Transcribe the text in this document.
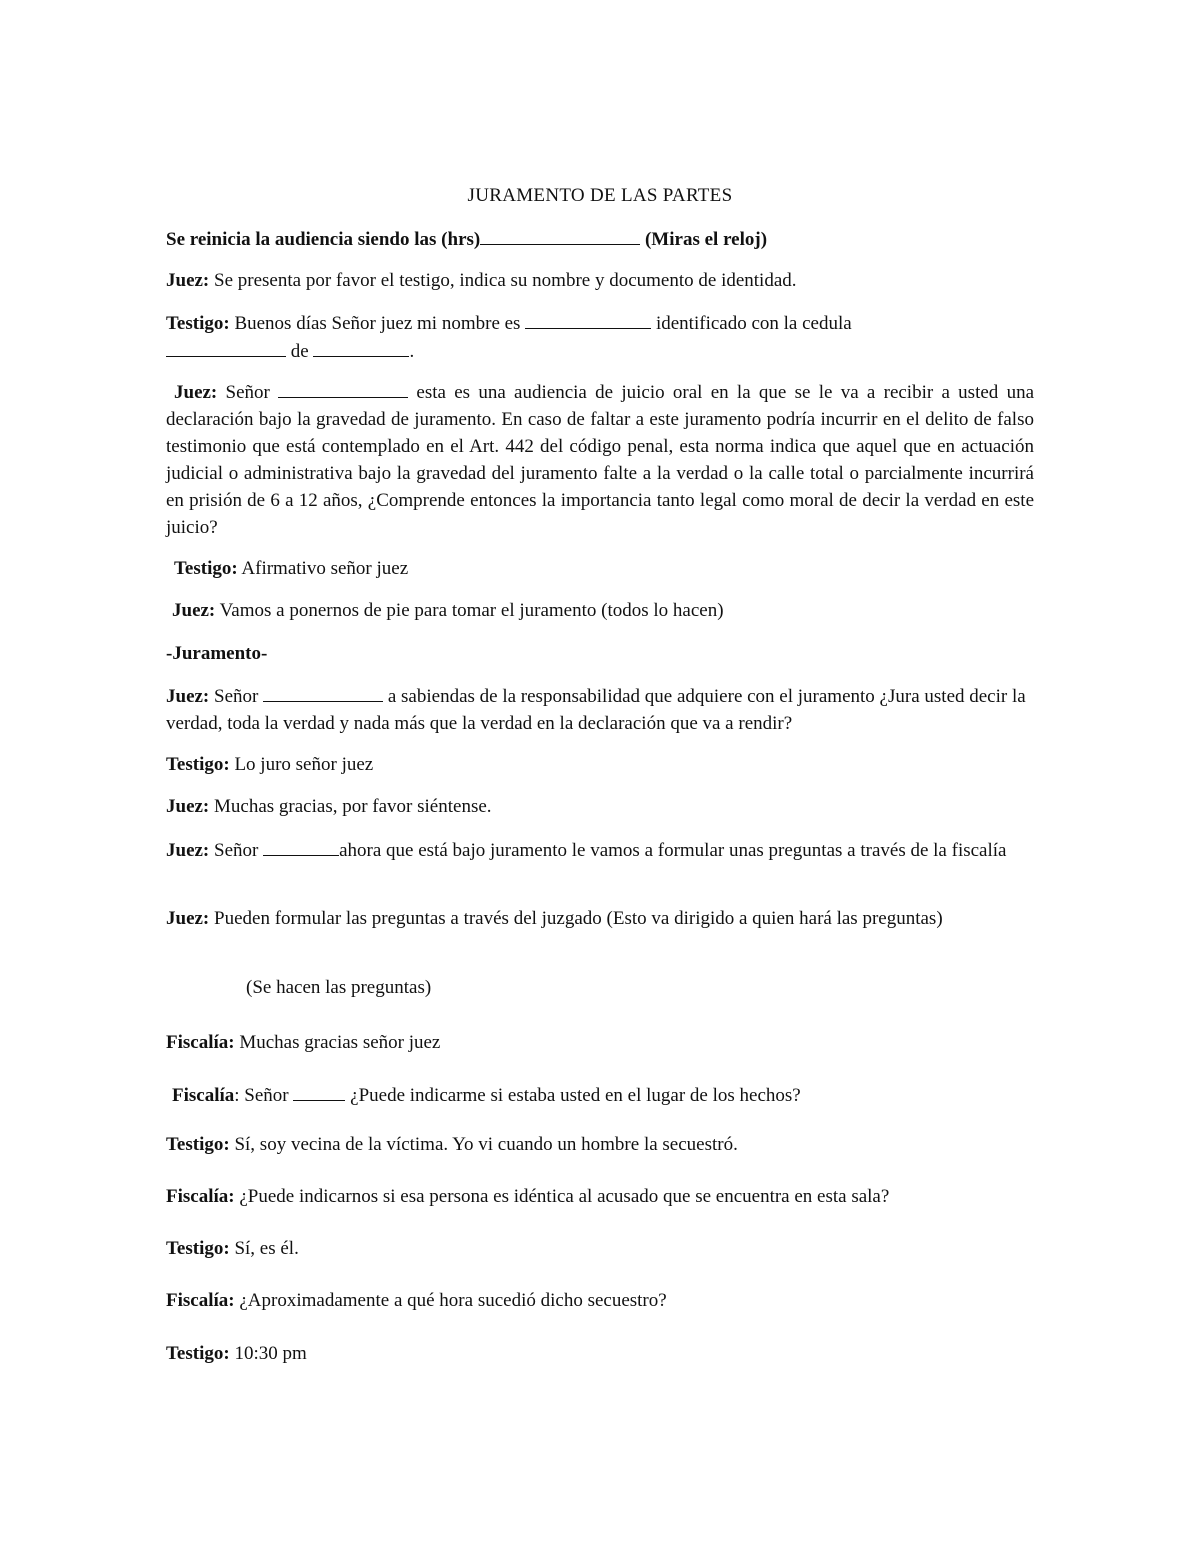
JURAMENTO DE LAS PARTES

Se reinicia la audiencia siendo las (hrs)	(Miras el reloj)

Juez: Se presenta por favor el testigo, indica su nombre y documento de identidad.

Testigo: Buenos días Señor juez mi nombre es	identificado con la cedula
de	.

Juez: Señor	esta es una audiencia de juicio oral en la que se le va a recibir a usted una declaración bajo la gravedad de juramento. En caso de faltar a este juramento podría incurrir en el delito de falso testimonio que está contemplado en el Art. 442 del código penal, esta norma indica que aquel que en actuación judicial o administrativa bajo la gravedad del juramento falte a la verdad o la calle total o parcialmente incurrirá en prisión de 6 a 12 años, ¿Comprende entonces la importancia tanto legal como moral de decir la verdad en este juicio?

Testigo: Afirmativo señor juez

Juez: Vamos a ponernos de pie para tomar el juramento (todos lo hacen)

-Juramento-

Juez: Señor	a sabiendas de la responsabilidad que adquiere con el juramento ¿Jura usted decir la verdad, toda la verdad y nada más que la verdad en la declaración que va a rendir?

Testigo: Lo juro señor juez

Juez: Muchas gracias, por favor siéntense.

Juez: Señor	ahora que está bajo juramento le vamos a formular unas preguntas a través de la fiscalía

Juez: Pueden formular las preguntas a través del juzgado (Esto va dirigido a quien hará las preguntas)

(Se hacen las preguntas)

Fiscalía: Muchas gracias señor juez

Fiscalía: Señor	¿Puede indicarme si estaba usted en el lugar de los hechos?

Testigo: Sí, soy vecina de la víctima. Yo vi cuando un hombre la secuestró.

Fiscalía: ¿Puede indicarnos si esa persona es idéntica al acusado que se encuentra en esta sala?

Testigo: Sí, es él.

Fiscalía: ¿Aproximadamente a qué hora sucedió dicho secuestro?

Testigo: 10:30 pm
